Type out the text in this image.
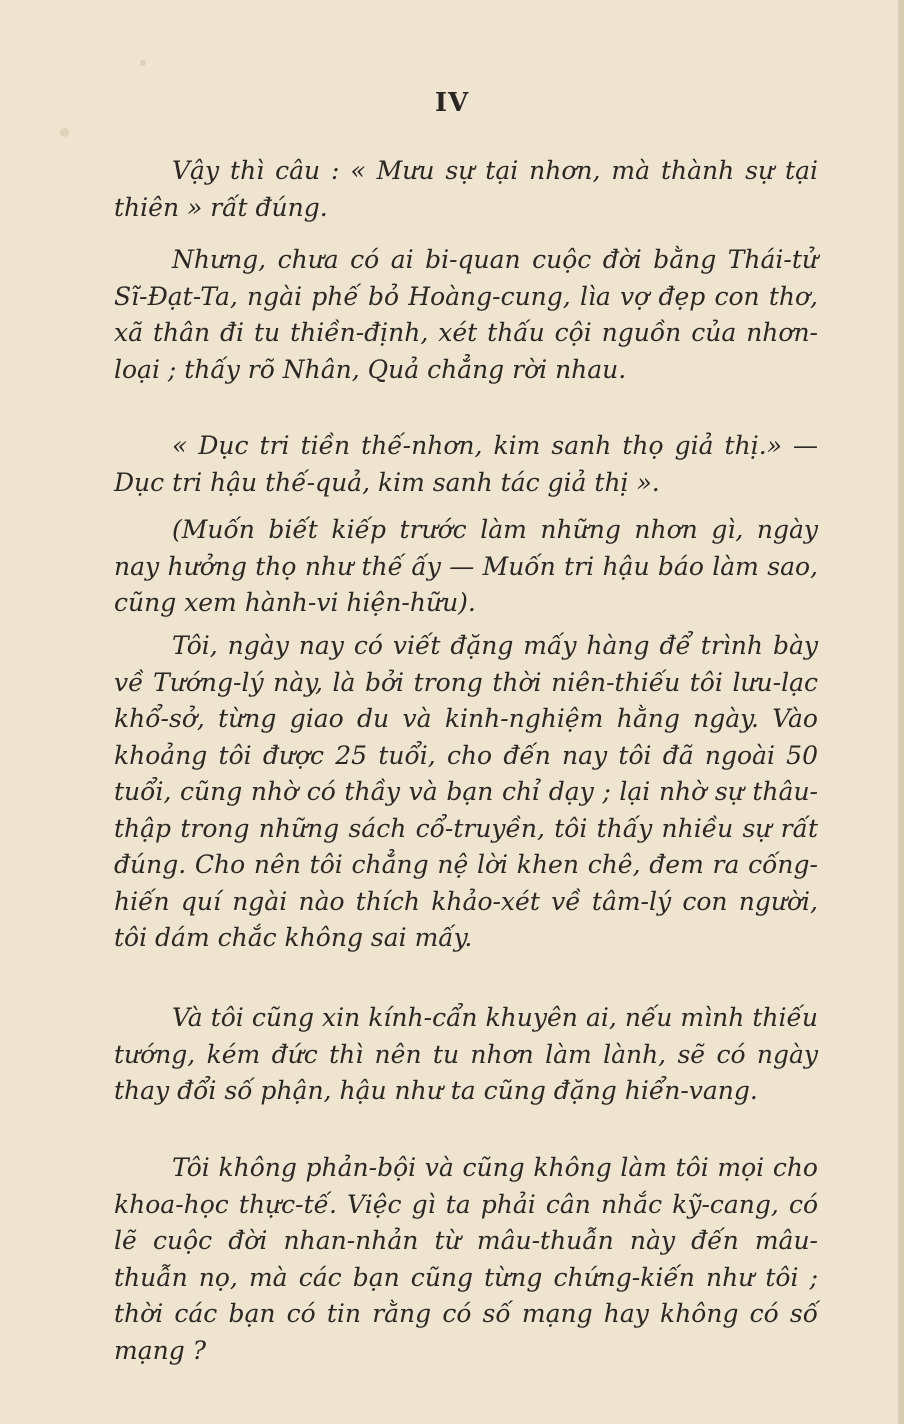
IV

Vậy thì câu : « Mưu sự tại nhơn, mà thành sự tại thiên » rất đúng.

Nhưng, chưa có ai bi-quan cuộc đời bằng Thái-tử Sĩ-Đạt-Ta, ngài phế bỏ Hoàng-cung, lìa vợ đẹp con thơ, xã thân đi tu thiền-định, xét thấu cội nguồn của nhơn-loại ; thấy rõ Nhân, Quả chẳng rời nhau.

« Dục tri tiền thế-nhơn, kim sanh thọ giả thị.» — Dục tri hậu thế-quả, kim sanh tác giả thị ».

(Muốn biết kiếp trước làm những nhơn gì, ngày nay hưởng thọ như thế ấy — Muốn tri hậu báo làm sao, cũng xem hành-vi hiện-hữu).

Tôi, ngày nay có viết đặng mấy hàng để trình bày về Tướng-lý này, là bởi trong thời niên-thiếu tôi lưu-lạc khổ-sở, từng giao du và kinh-nghiệm hằng ngày. Vào khoảng tôi được 25 tuổi, cho đến nay tôi đã ngoài 50 tuổi, cũng nhờ có thầy và bạn chỉ dạy ; lại nhờ sự thâu-thập trong những sách cổ-truyền, tôi thấy nhiều sự rất đúng. Cho nên tôi chẳng nệ lời khen chê, đem ra cống-hiến quí ngài nào thích khảo-xét về tâm-lý con người, tôi dám chắc không sai mấy.

Và tôi cũng xin kính-cẩn khuyên ai, nếu mình thiếu tướng, kém đức thì nên tu nhơn làm lành, sẽ có ngày thay đổi số phận, hậu như ta cũng đặng hiển-vang.

Tôi không phản-bội và cũng không làm tôi mọi cho khoa-học thực-tế. Việc gì ta phải cân nhắc kỹ-cang, có lẽ cuộc đời nhan-nhản từ mâu-thuẫn này đến mâu-thuẫn nọ, mà các bạn cũng từng chứng-kiến như tôi ; thời các bạn có tin rằng có số mạng hay không có số mạng ?
